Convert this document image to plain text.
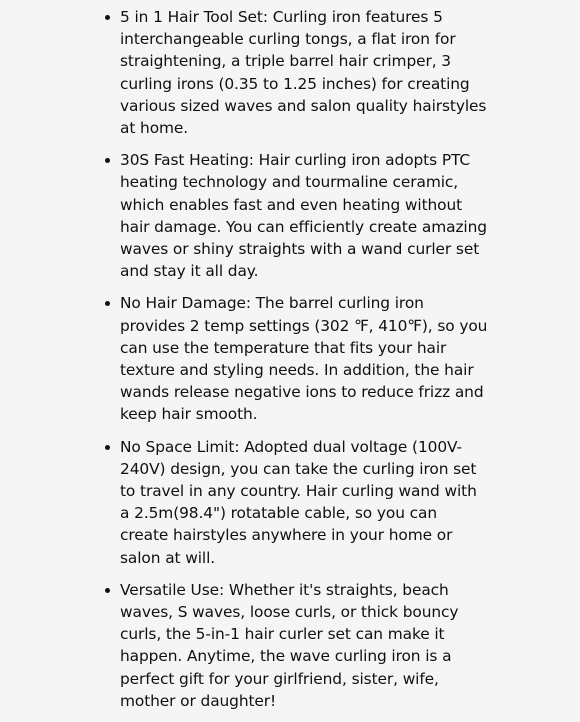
5 in 1 Hair Tool Set: Curling iron features 5 interchangeable curling tongs, a flat iron for straightening, a triple barrel hair crimper, 3 curling irons (0.35 to 1.25 inches) for creating various sized waves and salon quality hairstyles at home.
30S Fast Heating: Hair curling iron adopts PTC heating technology and tourmaline ceramic, which enables fast and even heating without hair damage. You can efficiently create amazing waves or shiny straights with a wand curler set and stay it all day.
No Hair Damage: The barrel curling iron provides 2 temp settings (302 ℉, 410℉), so you can use the temperature that fits your hair texture and styling needs. In addition, the hair wands release negative ions to reduce frizz and keep hair smooth.
No Space Limit: Adopted dual voltage (100V-240V) design, you can take the curling iron set to travel in any country. Hair curling wand with a 2.5m(98.4") rotatable cable, so you can create hairstyles anywhere in your home or salon at will.
Versatile Use: Whether it's straights, beach waves, S waves, loose curls, or thick bouncy curls, the 5-in-1 hair curler set can make it happen. Anytime, the wave curling iron is a perfect gift for your girlfriend, sister, wife, mother or daughter!
